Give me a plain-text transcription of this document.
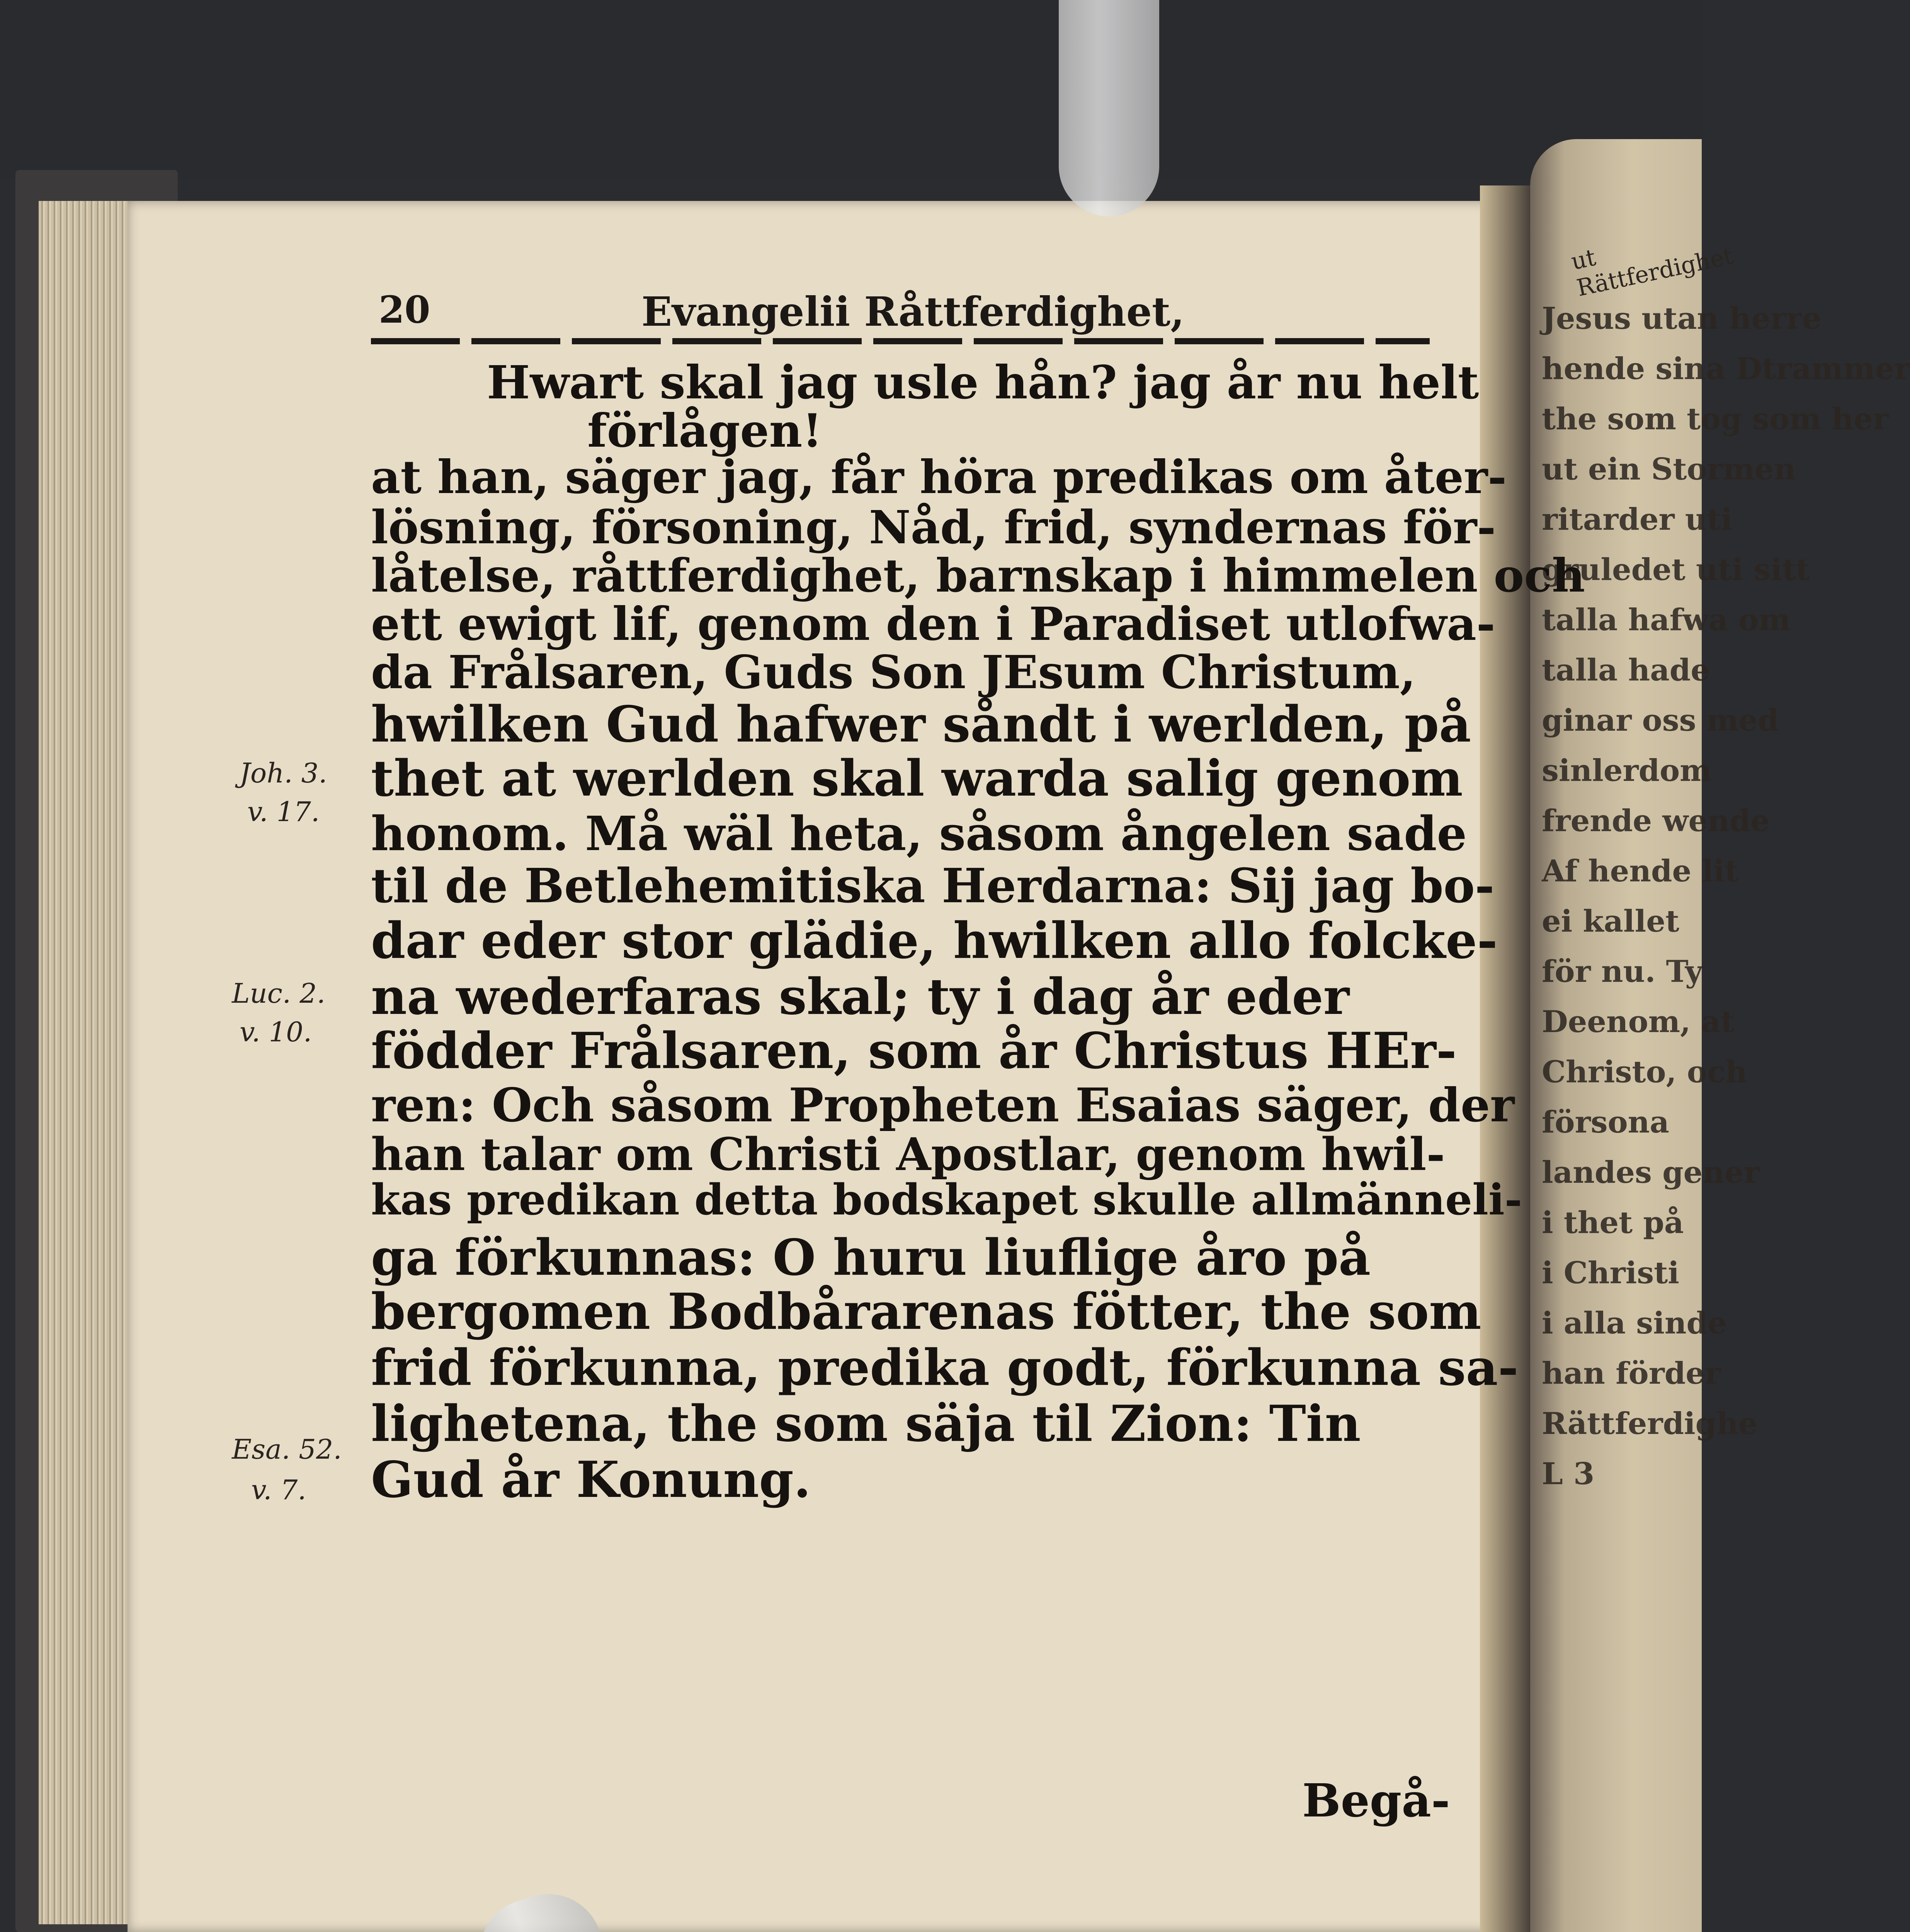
ut Rättferdighet
Jesus utan herre
hende sina Dtrammer
the som tog som her
ut ein Stormen
ritarder uti
gruledet uti sitt
talla hafwa om
talla hade
ginar oss med
sinlerdom
frende wende
Af hende lit
ei kallet
för nu. Ty
Deenom, at
Christo, och
försona
landes gener
i thet på
i Christi
i alla sinde
han förder
Rättferdighe
L 3
20	Evangelii Råttferdighet,
Hwart skal jag usle hån? jag år nu helt
förlågen!
at han, säger jag, får höra predikas om åter-
lösning, försoning, Nåd, frid, syndernas för-
låtelse, råttferdighet, barnskap i himmelen och
ett ewigt lif, genom den i Paradiset utlofwa-
da Frålsaren, Guds Son JEsum Christum,
hwilken Gud hafwer såndt i werlden, på
thet at werlden skal warda salig genom
honom. Må wäl heta, såsom ångelen sade
til de Betlehemitiska Herdarna: Sij jag bo-
dar eder stor glädie, hwilken allo folcke-
na wederfaras skal; ty i dag år eder
födder Frålsaren, som år Christus HEr-
ren: Och såsom Propheten Esaias säger, der
han talar om Christi Apostlar, genom hwil-
kas predikan detta bodskapet skulle allmänneli-
ga förkunnas: O huru liuflige åro på
bergomen Bodbårarenas fötter, the som
frid förkunna, predika godt, förkunna sa-
lighetena, the som säja til Zion: Tin
Gud år Konung.
Joh. 3.
v. 17.
Luc. 2.
v. 10.
Esa. 52.
v. 7.
Begå-
